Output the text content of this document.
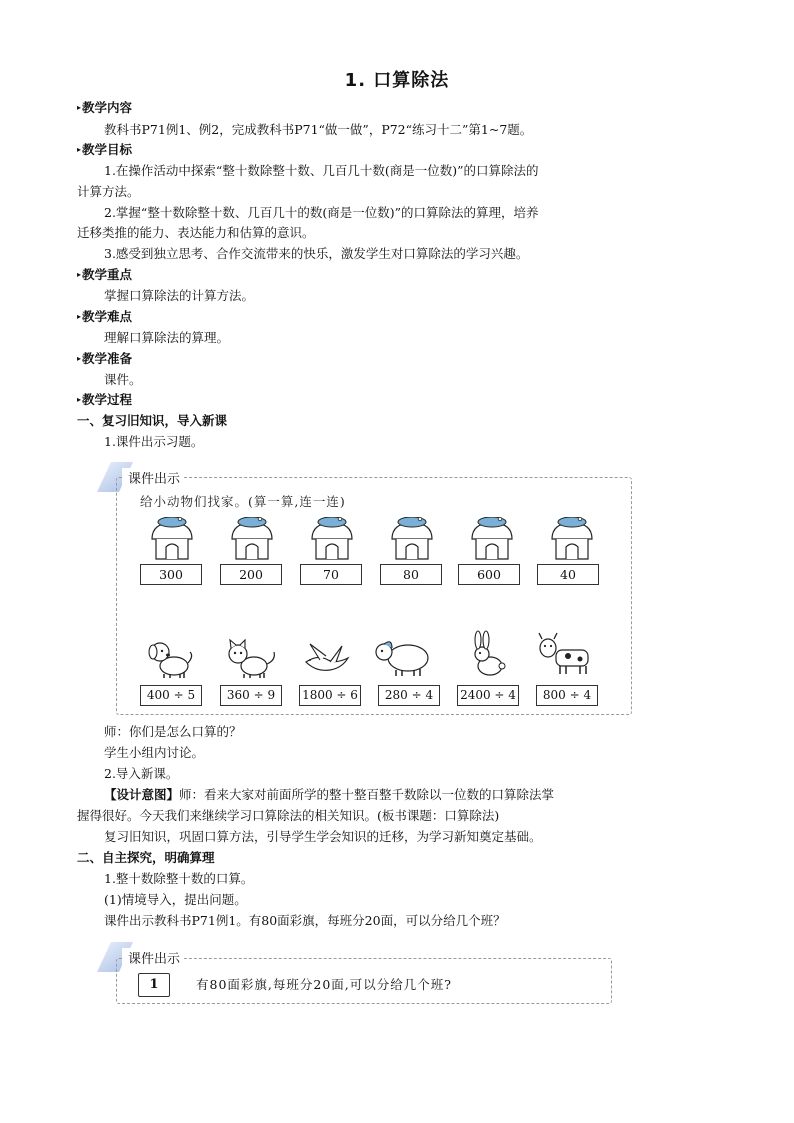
1. 口算除法
▸ 教学内容
教科书P71例1、例2，完成教科书P71“做一做”，P72“练习十二”第1~7题。
▸ 教学目标
1.在操作活动中探索“整十数除整十数、几百几十数(商是一位数)”的口算除法的
计算方法。
2.掌握“整十数除整十数、几百几十的数(商是一位数)”的口算除法的算理，培养
迁移类推的能力、表达能力和估算的意识。
3.感受到独立思考、合作交流带来的快乐，激发学生对口算除法的学习兴趣。
▸ 教学重点
掌握口算除法的计算方法。
▸ 教学难点
理解口算除法的算理。
▸ 教学准备
课件。
▸ 教学过程
一、复习旧知识，导入新课
1.课件出示习题。
课件出示
给小动物们找家。(算一算,连一连)
300	200	70	80	600	40
400 ÷ 5	360 ÷ 9	1800 ÷ 6	280 ÷ 4	2400 ÷ 4	800 ÷ 4
师：你们是怎么口算的？
学生小组内讨论。
2.导入新课。
【设计意图】师：看来大家对前面所学的整十整百整千数除以一位数的口算除法掌
握得很好。今天我们来继续学习口算除法的相关知识。(板书课题：口算除法)
复习旧知识，巩固口算方法，引导学生学会知识的迁移，为学习新知奠定基础。
二、自主探究，明确算理
1.整十数除整十数的口算。
(1)情境导入，提出问题。
课件出示教科书P71例1。有80面彩旗，每班分20面，可以分给几个班？
课件出示
1	有80面彩旗,每班分20面,可以分给几个班?
